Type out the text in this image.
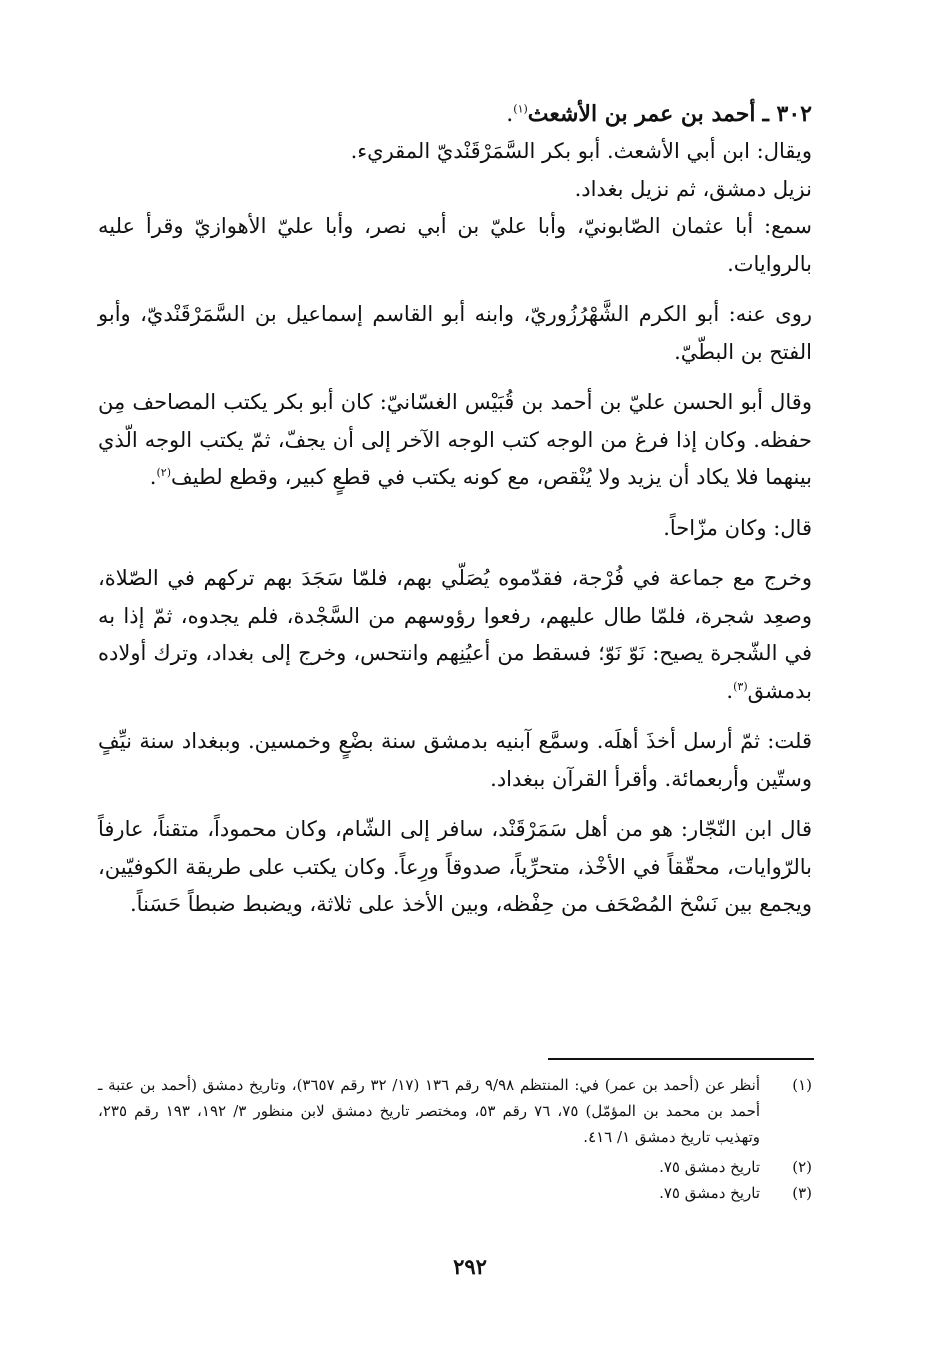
٣٠٢ ـ أحمد بن عمر بن الأشعث$^{(١)}$.

ويقال: ابن أبي الأشعث. أبو بكر السَّمَرْقَنْديّ المقريء.

نزيل دمشق، ثم نزيل بغداد.

سمع: أبا عثمان الصّابونيّ، وأبا عليّ بن أبي نصر، وأبا عليّ الأهوازيّ وقرأ عليه بالروايات.

روى عنه: أبو الكرم الشَّهْرُزُوريّ، وابنه أبو القاسم إسماعيل بن السَّمَرْقَنْديّ، وأبو الفتح بن البطّيّ.

وقال أبو الحسن عليّ بن أحمد بن قُبَيْس الغسّانيّ: كان أبو بكر يكتب المصاحف مِن حفظه. وكان إذا فرغ من الوجه كتب الوجه الآخر إلى أن يجفّ، ثمّ يكتب الوجه الّذي بينهما فلا يكاد أن يزيد ولا يُنْقص، مع كونه يكتب في قطعٍ كبير، وقطع لطيف$^{(٢)}$.

قال: وكان مزّاحاً.

وخرج مع جماعة في فُرْجة، فقدّموه يُصَلّي بهم، فلمّا سَجَدَ بهم تركهم في الصّلاة، وصعِد شجرة، فلمّا طال عليهم، رفعوا رؤوسهم من السَّجْدة، فلم يجدوه، ثمّ إذا به في الشّجرة يصيح: نَوّ نَوّ؛ فسقط من أعيُنِهم وانتحس، وخرج إلى بغداد، وترك أولاده بدمشق$^{(٣)}$.

قلت: ثمّ أرسل أخذَ أهلَه. وسمَّع آبنيه بدمشق سنة بضْعٍ وخمسين. وببغداد سنة نيِّفٍ وستّين وأربعمائة. وأقرأ القرآن ببغداد.

قال ابن النّجّار: هو من أهل سَمَرْقَنْد، سافر إلى الشّام، وكان محموداً، متقناً، عارفاً بالرّوايات، محقّقاً في الأخْذ، متحرِّياً، صدوقاً ورِعاً. وكان يكتب على طريقة الكوفيّين، ويجمع بين نَسْخ المُصْحَف من حِفْظه، وبين الأخذ على ثلاثة، ويضبط ضبطاً حَسَناً.

(١)
أنظر عن (أحمد بن عمر) في: المنتظم ٩/٩٨ رقم ١٣٦ (١٧/ ٣٢ رقم ٣٦٥٧)، وتاريخ دمشق (أحمد بن عتبة ـ أحمد بن محمد بن المؤمّل) ٧٥، ٧٦ رقم ٥٣، ومختصر تاريخ دمشق لابن منظور ٣/ ١٩٢، ١٩٣ رقم ٢٣٥، وتهذيب تاريخ دمشق ١/ ٤١٦.
(٢)
تاريخ دمشق ٧٥.
(٣)
تاريخ دمشق ٧٥.
٢٩٢
